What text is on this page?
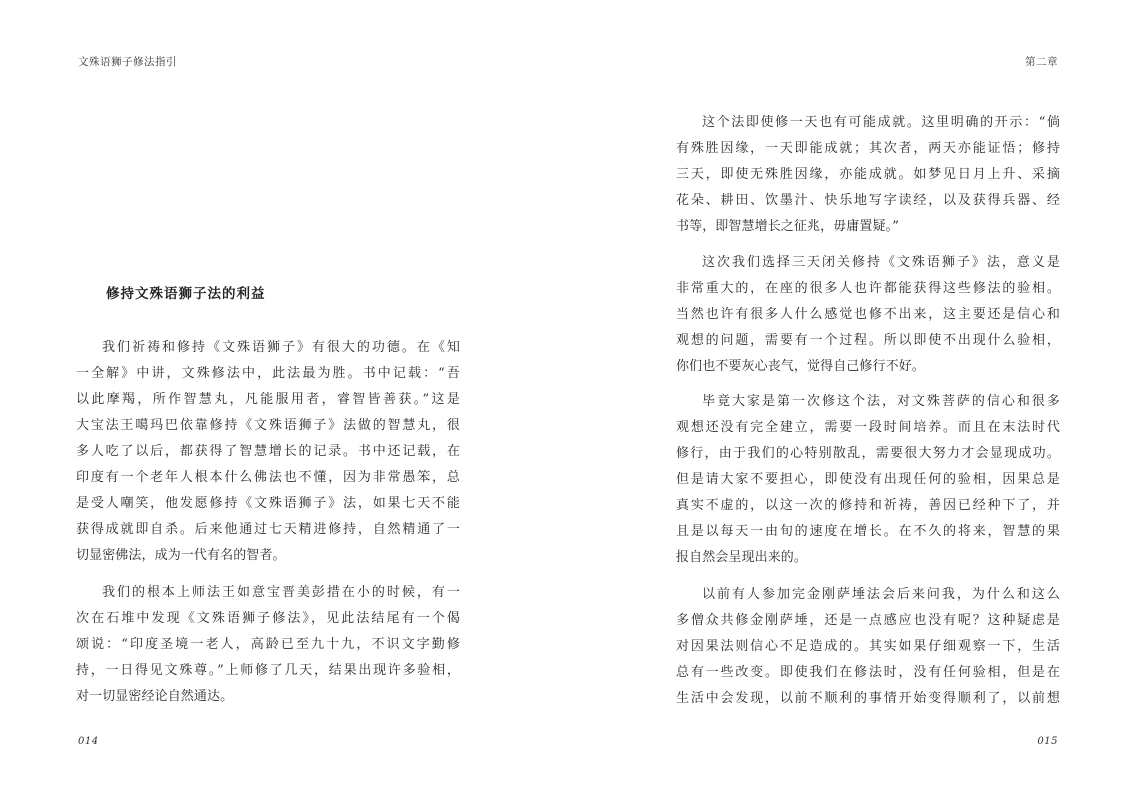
文殊语狮子修法指引
修持文殊语狮子法的利益
我们祈祷和修持《文殊语狮子》有很大的功德。在《知
一全解》中讲，文殊修法中，此法最为胜。书中记载：“吾
以此摩羯，所作智慧丸，凡能服用者，睿智皆善获。”这是
大宝法王噶玛巴依靠修持《文殊语狮子》法做的智慧丸，很
多人吃了以后，都获得了智慧增长的记录。书中还记载，在
印度有一个老年人根本什么佛法也不懂，因为非常愚笨，总
是受人嘲笑，他发愿修持《文殊语狮子》法，如果七天不能
获得成就即自杀。后来他通过七天精进修持，自然精通了一
切显密佛法，成为一代有名的智者。
我们的根本上师法王如意宝晋美彭措在小的时候，有一
次在石堆中发现《文殊语狮子修法》，见此法结尾有一个偈
颂说：“印度圣境一老人，高龄已至九十九，不识文字勤修
持，一日得见文殊尊。”上师修了几天，结果出现许多验相，
对一切显密经论自然通达。
014
第二章
这个法即使修一天也有可能成就。这里明确的开示：“倘
有殊胜因缘，一天即能成就；其次者，两天亦能证悟；修持
三天，即使无殊胜因缘，亦能成就。如梦见日月上升、采摘
花朵、耕田、饮墨汁、快乐地写字读经，以及获得兵器、经
书等，即智慧增长之征兆，毋庸置疑。”
这次我们选择三天闭关修持《文殊语狮子》法，意义是
非常重大的，在座的很多人也许都能获得这些修法的验相。
当然也许有很多人什么感觉也修不出来，这主要还是信心和
观想的问题，需要有一个过程。所以即使不出现什么验相，
你们也不要灰心丧气，觉得自己修行不好。
毕竟大家是第一次修这个法，对文殊菩萨的信心和很多
观想还没有完全建立，需要一段时间培养。而且在末法时代
修行，由于我们的心特别散乱，需要很大努力才会显现成功。
但是请大家不要担心，即使没有出现任何的验相，因果总是
真实不虚的，以这一次的修持和祈祷，善因已经种下了，并
且是以每天一由旬的速度在增长。在不久的将来，智慧的果
报自然会呈现出来的。
以前有人参加完金刚萨埵法会后来问我，为什么和这么
多僧众共修金刚萨埵，还是一点感应也没有呢？这种疑虑是
对因果法则信心不足造成的。其实如果仔细观察一下，生活
总有一些改变。即使我们在修法时，没有任何验相，但是在
生活中会发现，以前不顺利的事情开始变得顺利了，以前想
015
